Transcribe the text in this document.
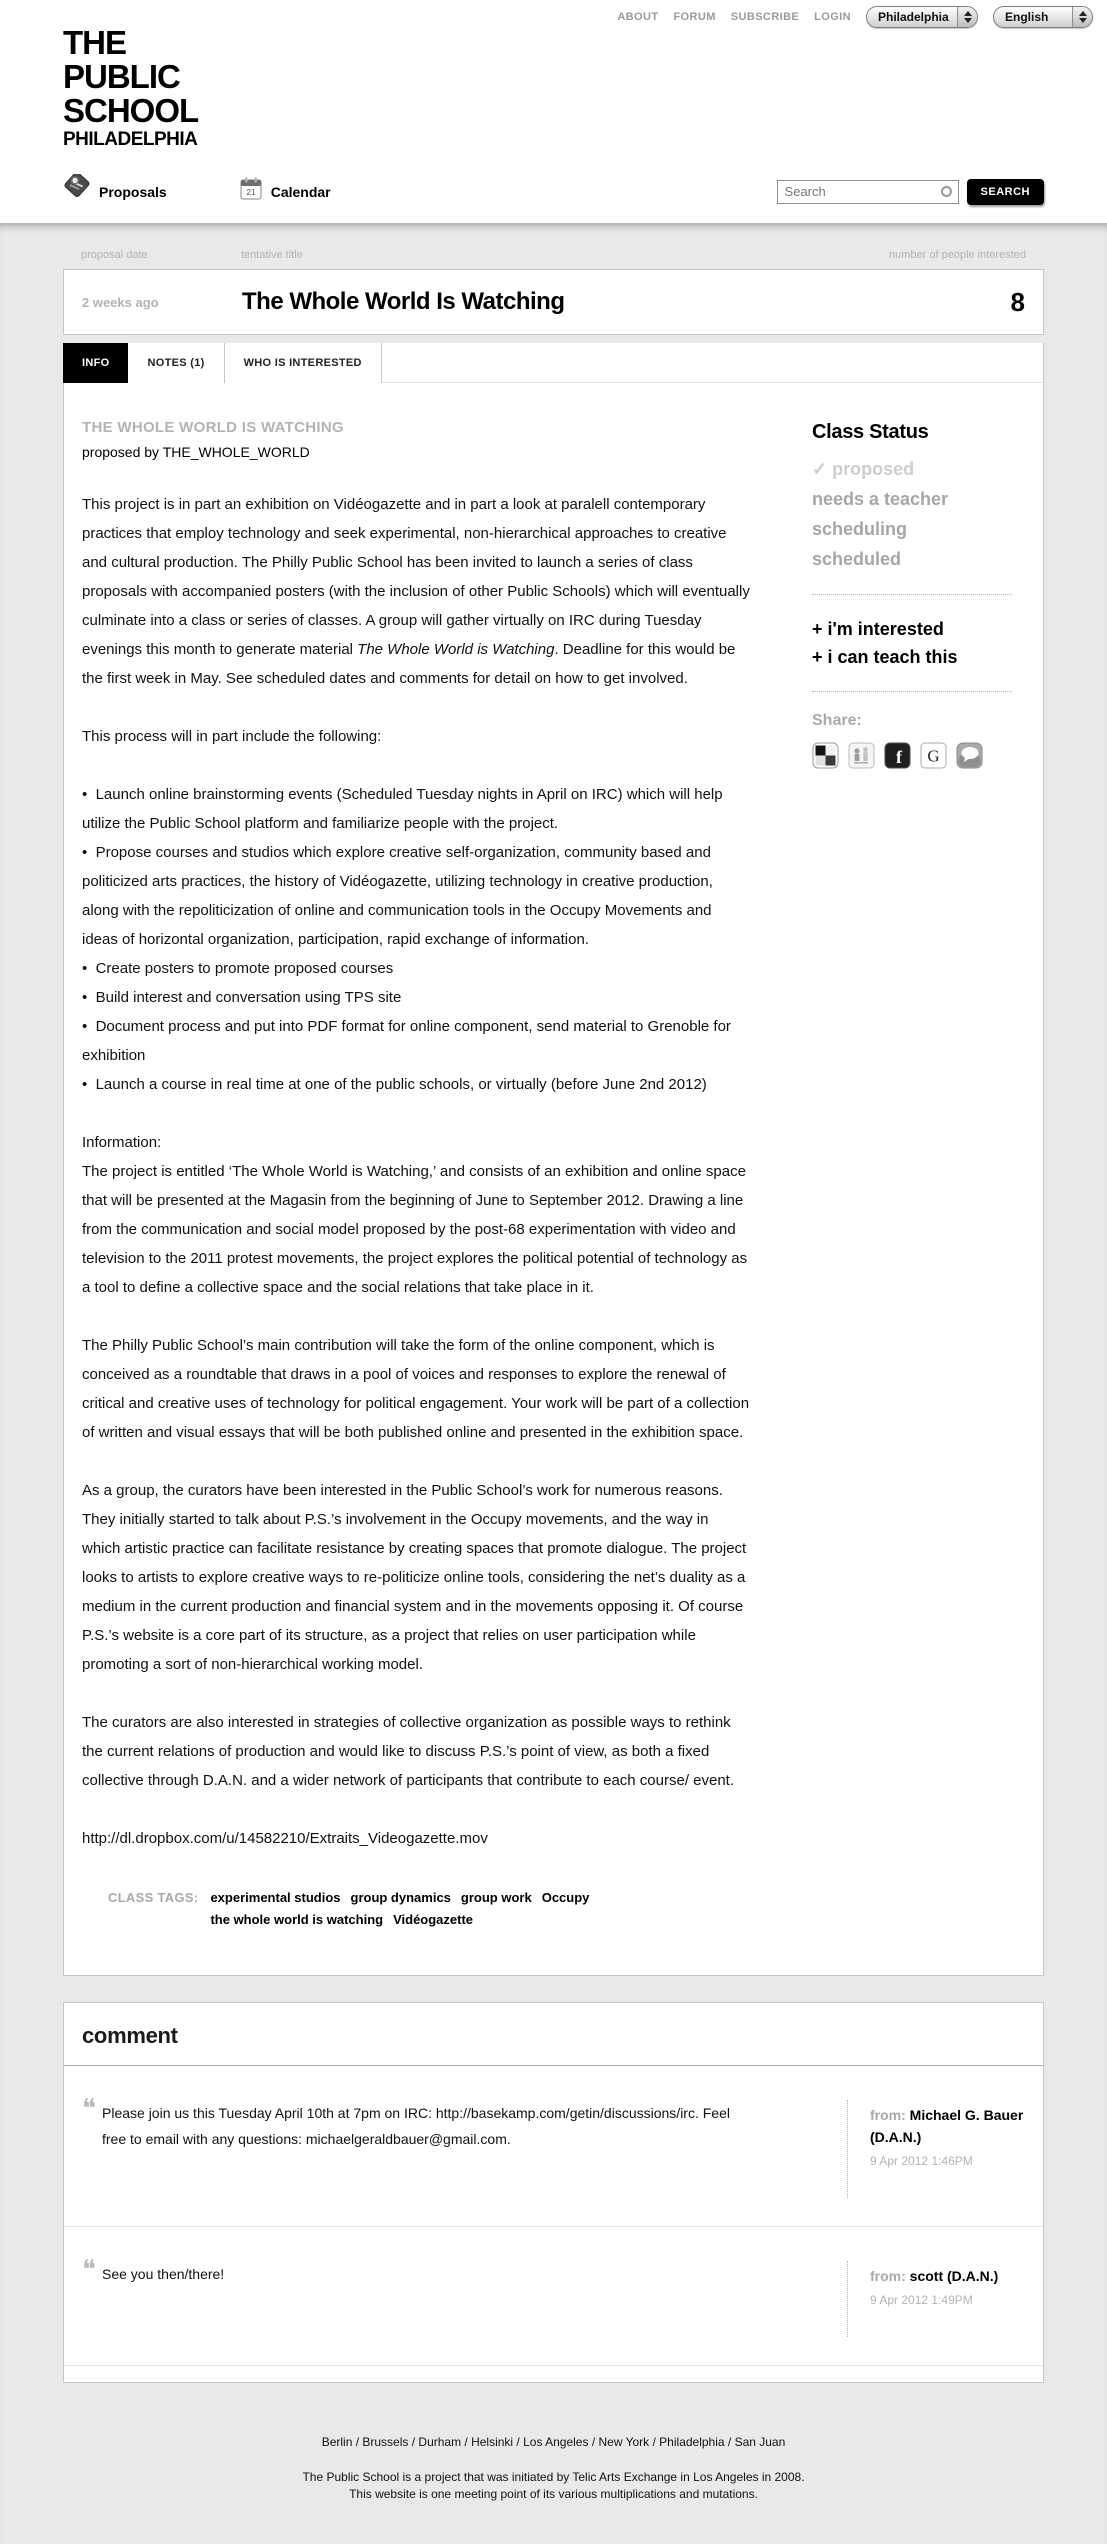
ABOUT FORUM SUBSCRIBE LOGIN	Philadelphia	English
THE
PUBLIC
SCHOOL
PHILADELPHIA
Proposals	21 Calendar
Search	SEARCH
proposal date	tentative title	number of people interested
2 weeks ago	The Whole World Is Watching	8
INFO	NOTES (1)	WHO IS INTERESTED
THE WHOLE WORLD IS WATCHING
proposed by THE_WHOLE_WORLD

This project is in part an exhibition on Vidéogazette and in part a look at paralell contemporary practices that employ technology and seek experimental, non-hierarchical approaches to creative and cultural production. The Philly Public School has been invited to launch a series of class proposals with accompanied posters (with the inclusion of other Public Schools) which will eventually culminate into a class or series of classes. A group will gather virtually on IRC during Tuesday evenings this month to generate material The Whole World is Watching. Deadline for this would be the first week in May. See scheduled dates and comments for detail on how to get involved.

This process will in part include the following:

•  Launch online brainstorming events (Scheduled Tuesday nights in April on IRC) which will help utilize the Public School platform and familiarize people with the project.
•  Propose courses and studios which explore creative self-organization, community based and politicized arts practices, the history of Vidéogazette, utilizing technology in creative production, along with the repoliticization of online and communication tools in the Occupy Movements and ideas of horizontal organization, participation, rapid exchange of information.
•  Create posters to promote proposed courses
•  Build interest and conversation using TPS site
•  Document process and put into PDF format for online component, send material to Grenoble for exhibition
•  Launch a course in real time at one of the public schools, or virtually (before June 2nd 2012)

Information:
The project is entitled ‘The Whole World is Watching,’ and consists of an exhibition and online space that will be presented at the Magasin from the beginning of June to September 2012. Drawing a line from the communication and social model proposed by the post-68 experimentation with video and television to the 2011 protest movements, the project explores the political potential of technology as a tool to define a collective space and the social relations that take place in it.

The Philly Public School’s main contribution will take the form of the online component, which is conceived as a roundtable that draws in a pool of voices and responses to explore the renewal of critical and creative uses of technology for political engagement. Your work will be part of a collection of written and visual essays that will be both published online and presented in the exhibition space.

As a group, the curators have been interested in the Public School’s work for numerous reasons. They initially started to talk about P.S.’s involvement in the Occupy movements, and the way in which artistic practice can facilitate resistance by creating spaces that promote dialogue. The project looks to artists to explore creative ways to re-politicize online tools, considering the net’s duality as a medium in the current production and financial system and in the movements opposing it. Of course P.S.’s website is a core part of its structure, as a project that relies on user participation while promoting a sort of non-hierarchical working model.

The curators are also interested in strategies of collective organization as possible ways to rethink the current relations of production and would like to discuss P.S.’s point of view, as both a fixed collective through D.A.N. and a wider network of participants that contribute to each course/ event.

http://dl.dropbox.com/u/14582210/Extraits_Videogazette.mov
CLASS TAGS: experimental studios group dynamics group work Occupy
the whole world is watching Vidéogazette
Class Status
✓ proposed
needs a teacher
scheduling
scheduled
+ i'm interested
+ i can teach this
Share:
f G
comment
❝ Please join us this Tuesday April 10th at 7pm on IRC: http://basekamp.com/getin/discussions/irc. Feel free to email with any questions: michaelgeraldbauer@gmail.com.
from: Michael G. Bauer (D.A.N.)
9 Apr 2012 1:46PM
❝ See you then/there!	from: scott (D.A.N.)
9 Apr 2012 1:49PM
Berlin / Brussels / Durham / Helsinki / Los Angeles / New York / Philadelphia / San Juan
The Public School is a project that was initiated by Telic Arts Exchange in Los Angeles in 2008.
This website is one meeting point of its various multiplications and mutations.
